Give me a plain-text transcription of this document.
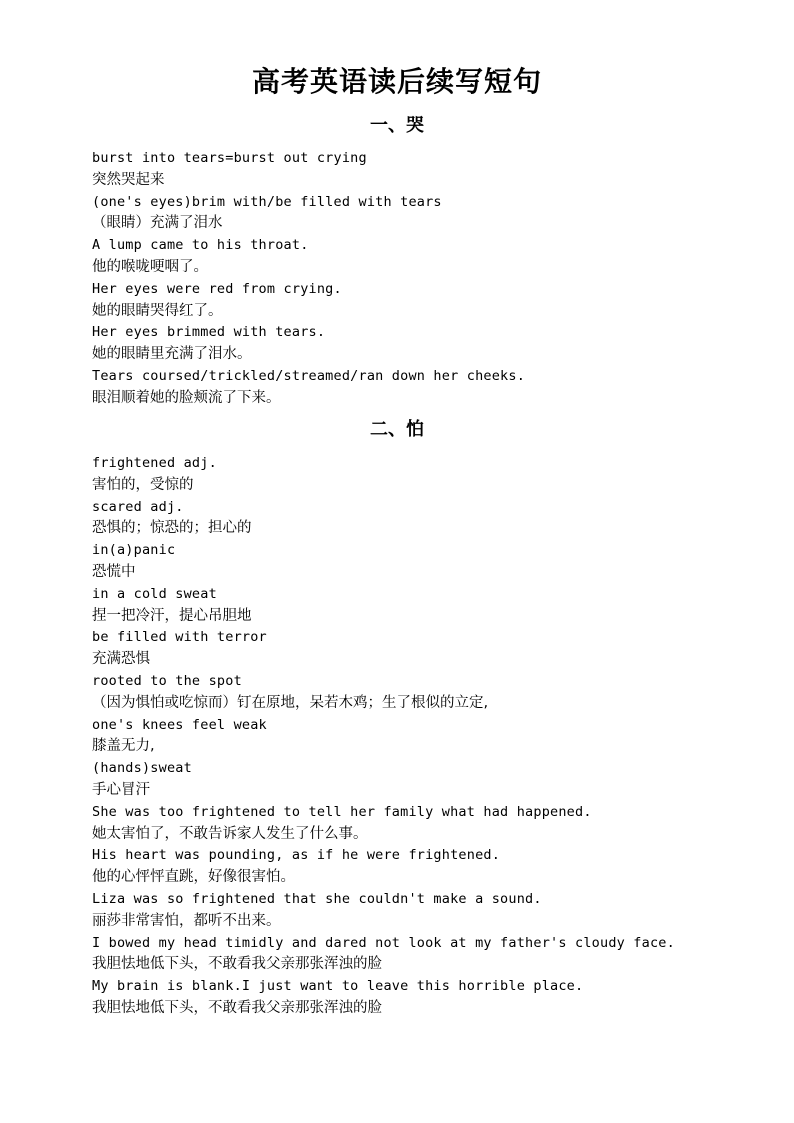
高考英语读后续写短句
一、哭
burst into tears=burst out crying
突然哭起来
(one's eyes)brim with/be filled with tears
（眼睛）充满了泪水
A lump came to his throat.
他的喉咙哽咽了。
Her eyes were red from crying.
她的眼睛哭得红了。
Her eyes brimmed with tears.
她的眼睛里充满了泪水。
Tears coursed/trickled/streamed/ran down her cheeks.
眼泪顺着她的脸颊流了下来。
二、怕
frightened adj.
害怕的，受惊的
scared adj.
恐惧的；惊恐的；担心的
in(a)panic
恐慌中
in a cold sweat
捏一把冷汗，提心吊胆地
be filled with terror
充满恐惧
rooted to the spot
（因为惧怕或吃惊而）钉在原地，呆若木鸡；生了根似的立定,
one's knees feel weak
膝盖无力,
(hands)sweat
手心冒汗
She was too frightened to tell her family what had happened.
她太害怕了，不敢告诉家人发生了什么事。
His heart was pounding, as if he were frightened.
他的心怦怦直跳，好像很害怕。
Liza was so frightened that she couldn't make a sound.
丽莎非常害怕，都听不出来。
I bowed my head timidly and dared not look at my father's cloudy face.
我胆怯地低下头，不敢看我父亲那张浑浊的脸
My brain is blank.I just want to leave this horrible place.
我胆怯地低下头，不敢看我父亲那张浑浊的脸
